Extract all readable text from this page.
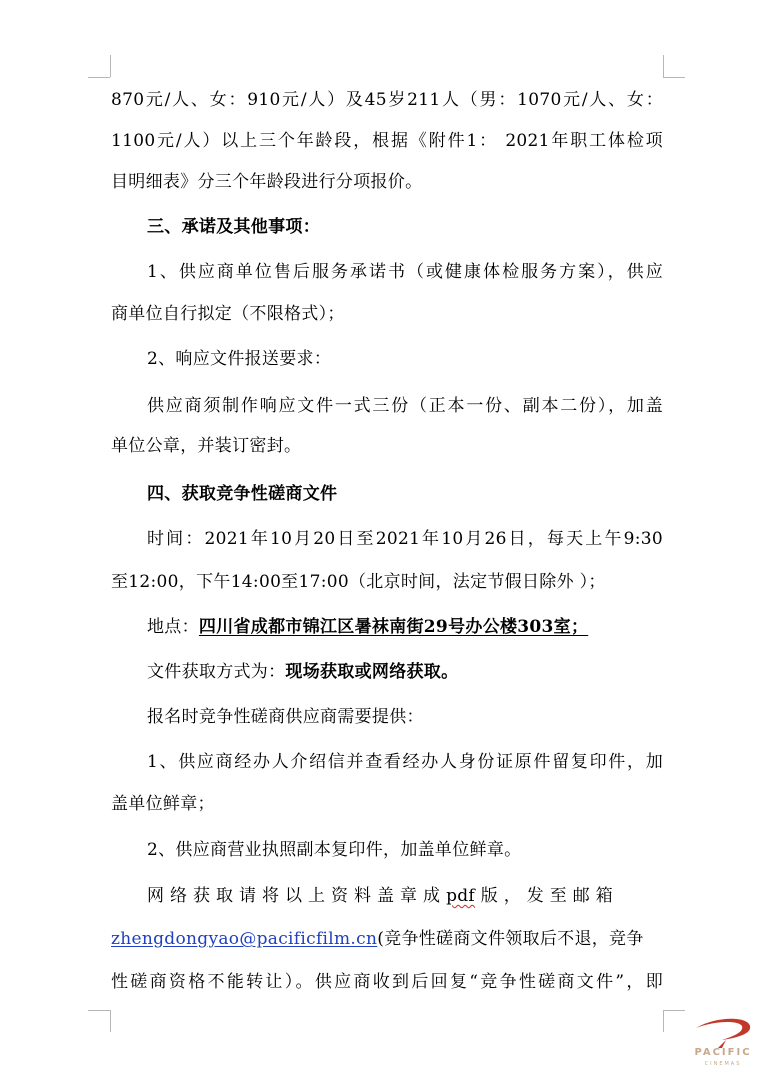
870元/人、女：910元/人）及45岁211人（男：1070元/人、女：
1100元/人）以上三个年龄段，根据《附件1： 2021年职工体检项
目明细表》分三个年龄段进行分项报价。
三、承诺及其他事项：
1、供应商单位售后服务承诺书（或健康体检服务方案），供应
商单位自行拟定（不限格式）；
2、响应文件报送要求：
供应商须制作响应文件一式三份（正本一份、副本二份），加盖
单位公章，并装订密封。
四、获取竞争性磋商文件
时间：2021年10月20日至2021年10月26日，每天上午9:30
至12:00，下午14:00至17:00（北京时间，法定节假日除外 ）；
地点：四川省成都市锦江区暑袜南街29号办公楼303室；
文件获取方式为：现场获取或网络获取。
报名时竞争性磋商供应商需要提供：
1、供应商经办人介绍信并查看经办人身份证原件留复印件，加
盖单位鲜章；
2、供应商营业执照副本复印件，加盖单位鲜章。
网 络 获 取 请 将 以 上 资 料 盖 章 成 pdf 版 ， 发 至 邮 箱
zhengdongyao@pacificfilm.cn(竞争性磋商文件领取后不退，竞争
性磋商资格不能转让）。供应商收到后回复“竞争性磋商文件”，即
PACIFIC
CINEMAS
